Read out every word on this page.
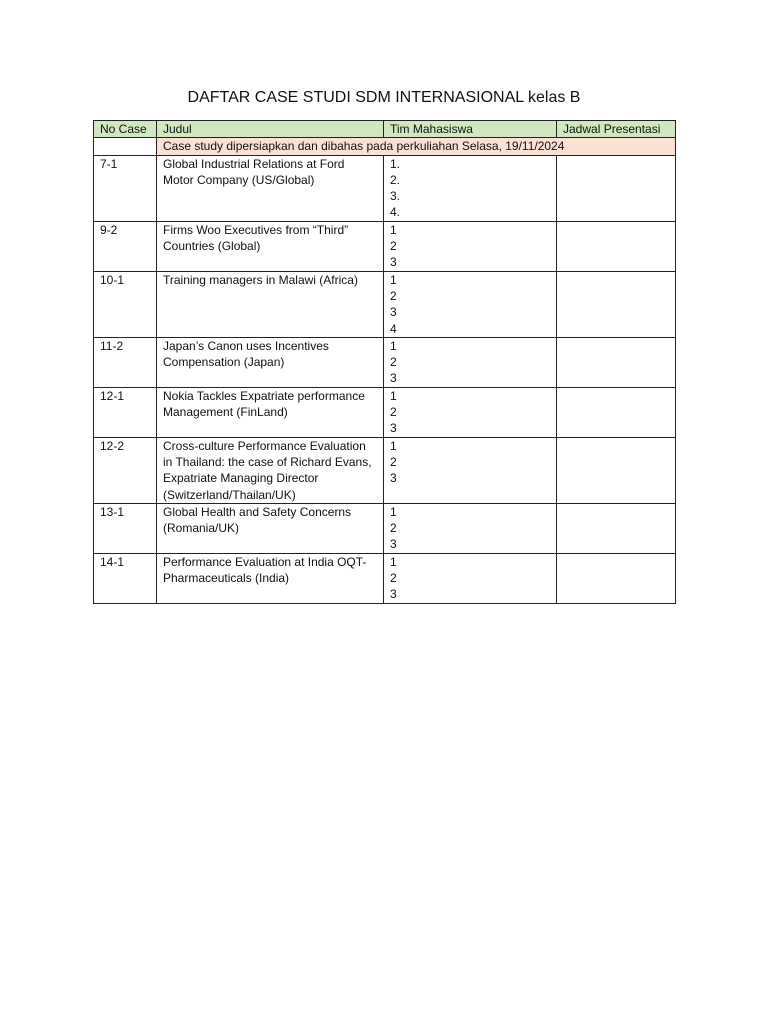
DAFTAR CASE STUDI SDM INTERNASIONAL kelas B
No Case	Judul	Tim Mahasiswa	Jadwal Presentasi
	Case study dipersiapkan dan dibahas pada perkuliahan Selasa, 19/11/2024		
7-1	Global Industrial Relations at Ford Motor Company (US/Global)	1.
2.
3.
4.	

9-2	Firms Woo Executives from “Third” Countries (Global)	1
2
3	

10-1	Training managers in Malawi (Africa)	1
2
3
4	

11-2	Japan’s Canon uses Incentives Compensation (Japan)	1
2
3	

12-1	Nokia Tackles Expatriate performance Management (FinLand)	1
2
3	

12-2	Cross-culture Performance Evaluation in Thailand: the case of Richard Evans, Expatriate Managing Director (Switzerland/Thailan/UK)	1
2
3	

13-1	Global Health and Safety Concerns (Romania/UK)	1
2
3	

14-1	Performance Evaluation at India OQT-Pharmaceuticals (India)	1
2
3	
